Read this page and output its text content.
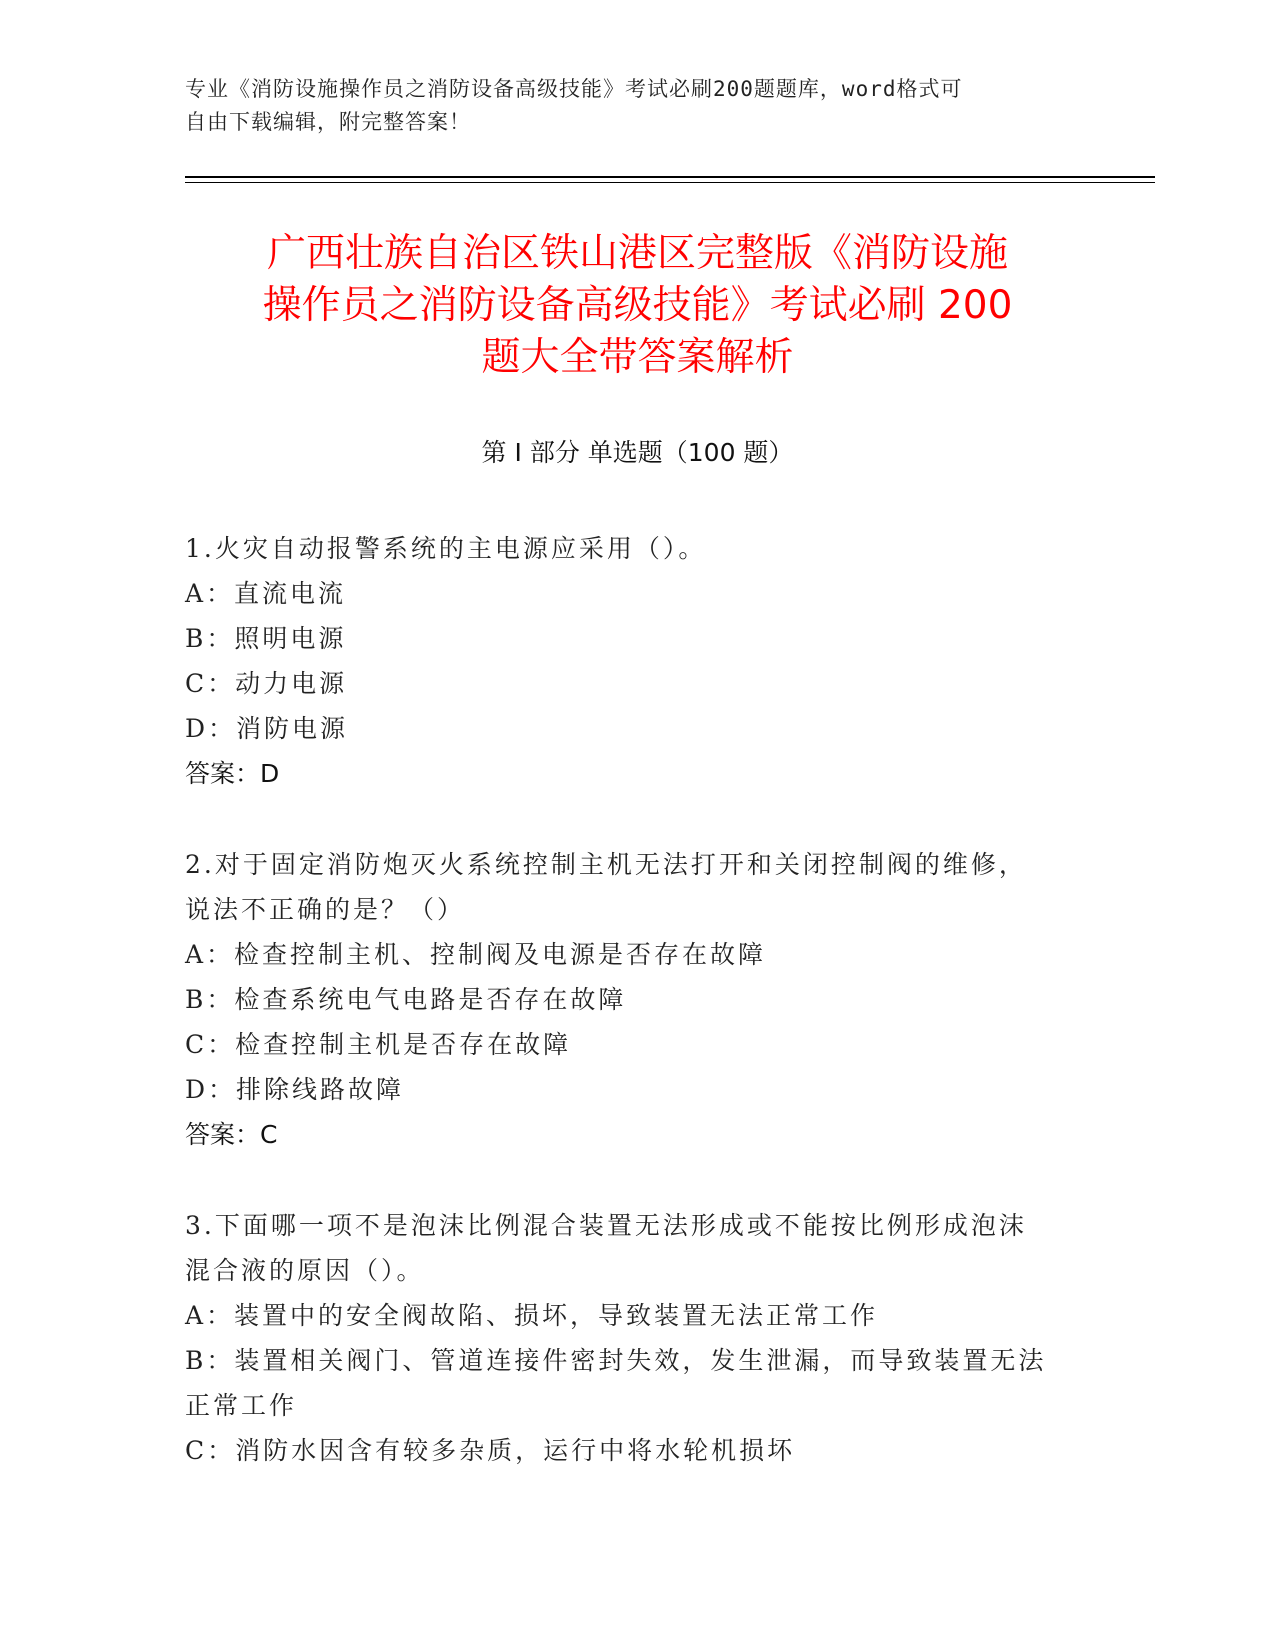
专业《消防设施操作员之消防设备高级技能》考试必刷200题题库，word格式可

自由下载编辑，附完整答案！

广西壮族自治区铁山港区完整版《消防设施
操作员之消防设备高级技能》考试必刷 200
题大全带答案解析
第 I 部分 单选题（100 题）

1.火灾自动报警系统的主电源应采用（）。

A：直流电流

B：照明电源

C：动力电源

D：消防电源

答案：D

2.对于固定消防炮灭火系统控制主机无法打开和关闭控制阀的维修，

说法不正确的是？（）

A：检查控制主机、控制阀及电源是否存在故障

B：检查系统电气电路是否存在故障

C：检查控制主机是否存在故障

D：排除线路故障

答案：C

3.下面哪一项不是泡沫比例混合装置无法形成或不能按比例形成泡沫

混合液的原因（）。

A：装置中的安全阀故陷、损坏，导致装置无法正常工作

B：装置相关阀门、管道连接件密封失效，发生泄漏，而导致装置无法

正常工作

C：消防水因含有较多杂质，运行中将水轮机损坏
